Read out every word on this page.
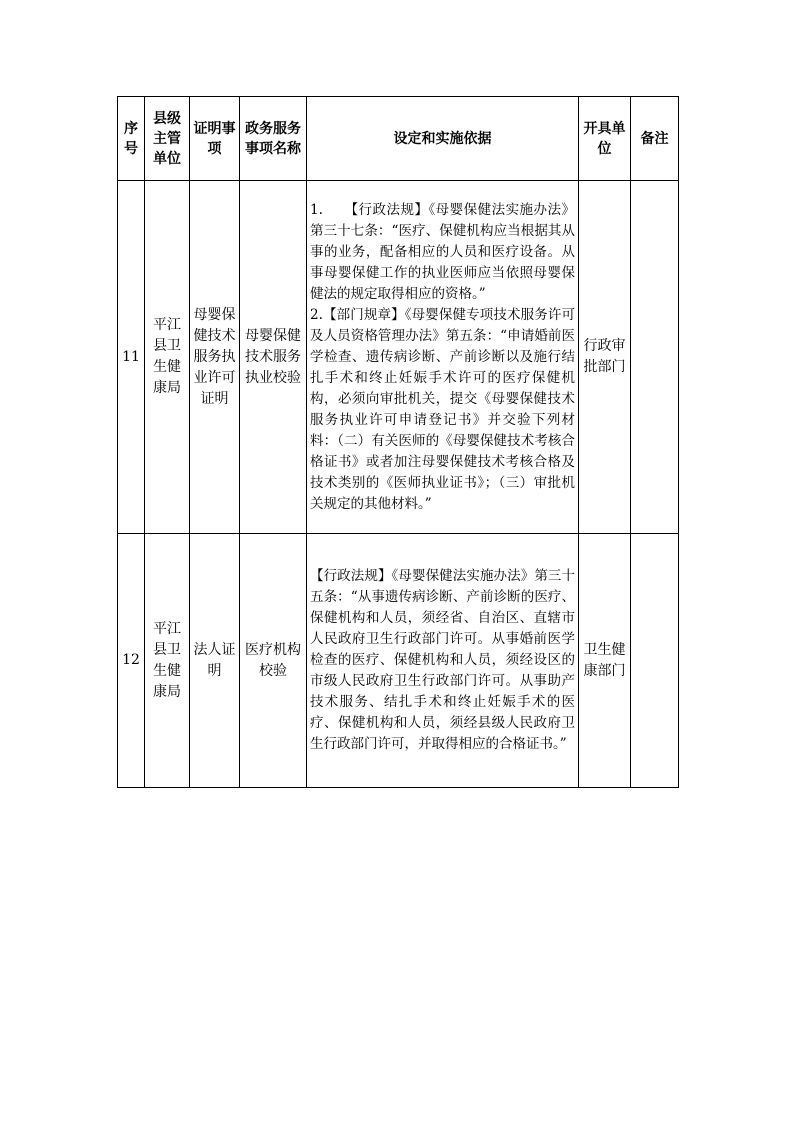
序号	县级主管单位	证明事项	政务服务事项名称	设定和实施依据	开具单位	备注
11	平江县卫生健康局	母婴保健技术服务执业许可证明	母婴保健技术服务执业校验	1.　　【行政法规】《母婴保健法实施办法》第三十七条：“医疗、保健机构应当根据其从事的业务，配备相应的人员和医疗设备。从事母婴保健工作的执业医师应当依照母婴保健法的规定取得相应的资格。”
2.【部门规章】《母婴保健专项技术服务许可及人员资格管理办法》第五条：“申请婚前医学检查、遗传病诊断、产前诊断以及施行结扎手术和终止妊娠手术许可的医疗保健机构，必须向审批机关，提交《母婴保健技术服务执业许可申请登记书》并交验下列材料：（二）有关医师的《母婴保健技术考核合格证书》或者加注母婴保健技术考核合格及技术类别的《医师执业证书》；（三）审批机关规定的其他材料。”	行政审批部门	
12	平江县卫生健康局	法人证明	医疗机构校验	【行政法规】《母婴保健法实施办法》第三十五条：“从事遗传病诊断、产前诊断的医疗、保健机构和人员，须经省、自治区、直辖市人民政府卫生行政部门许可。从事婚前医学检查的医疗、保健机构和人员，须经设区的市级人民政府卫生行政部门许可。从事助产技术服务、结扎手术和终止妊娠手术的医疗、保健机构和人员，须经县级人民政府卫生行政部门许可，并取得相应的合格证书。”	卫生健康部门	
